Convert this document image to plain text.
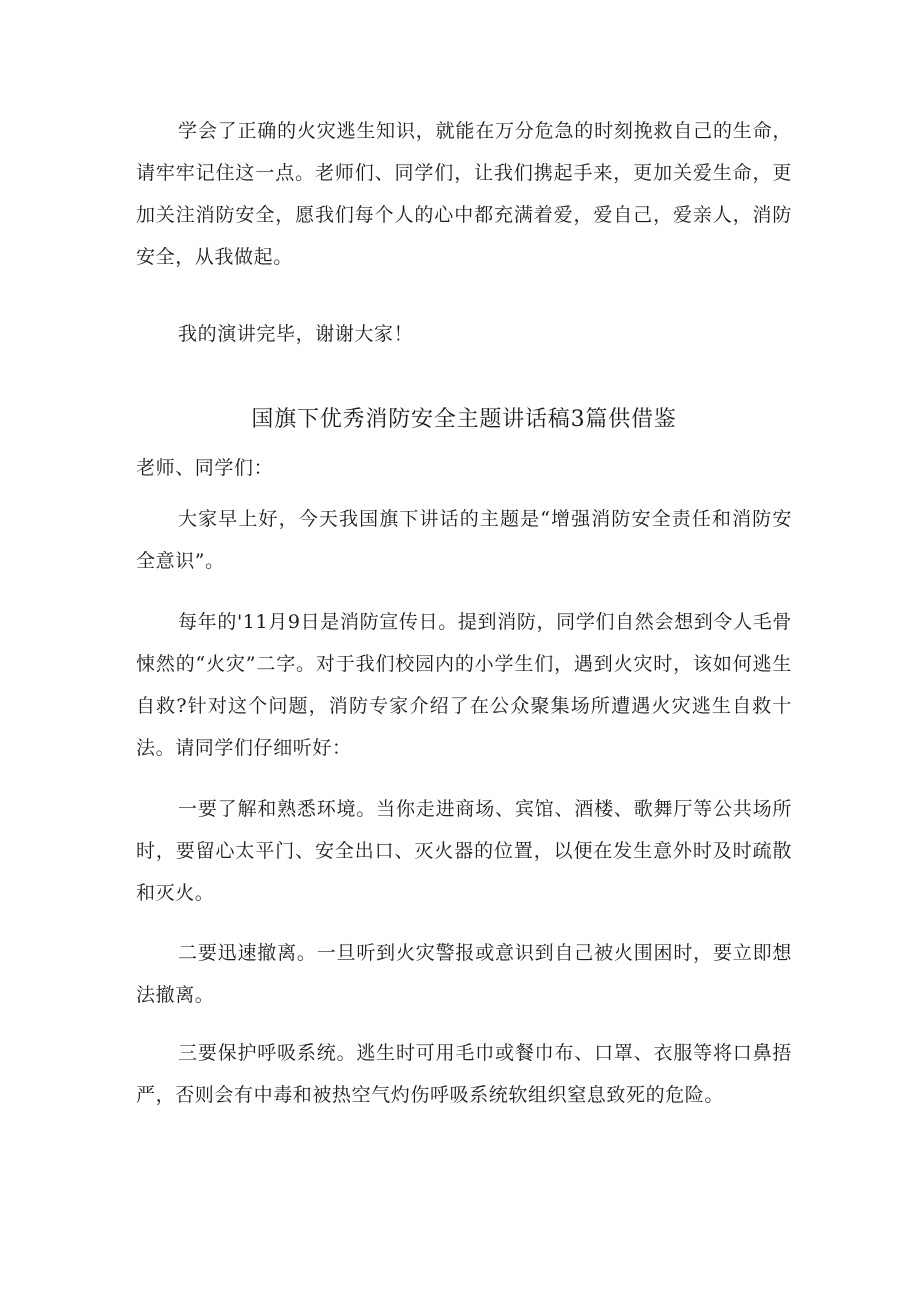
学会了正确的火灾逃生知识，就能在万分危急的时刻挽救自己的生命，请牢牢记住这一点。老师们、同学们，让我们携起手来，更加关爱生命，更加关注消防安全，愿我们每个人的心中都充满着爱，爱自己，爱亲人，消防安全，从我做起。

我的演讲完毕，谢谢大家！

国旗下优秀消防安全主题讲话稿3篇供借鉴

老师、同学们：

大家早上好，今天我国旗下讲话的主题是“增强消防安全责任和消防安全意识”。

每年的'11月9日是消防宣传日。提到消防，同学们自然会想到令人毛骨悚然的“火灾”二字。对于我们校园内的小学生们，遇到火灾时，该如何逃生自救?针对这个问题，消防专家介绍了在公众聚集场所遭遇火灾逃生自救十法。请同学们仔细听好：

一要了解和熟悉环境。当你走进商场、宾馆、酒楼、歌舞厅等公共场所时，要留心太平门、安全出口、灭火器的位置，以便在发生意外时及时疏散和灭火。

二要迅速撤离。一旦听到火灾警报或意识到自己被火围困时，要立即想法撤离。

三要保护呼吸系统。逃生时可用毛巾或餐巾布、口罩、衣服等将口鼻捂严，否则会有中毒和被热空气灼伤呼吸系统软组织窒息致死的危险。
